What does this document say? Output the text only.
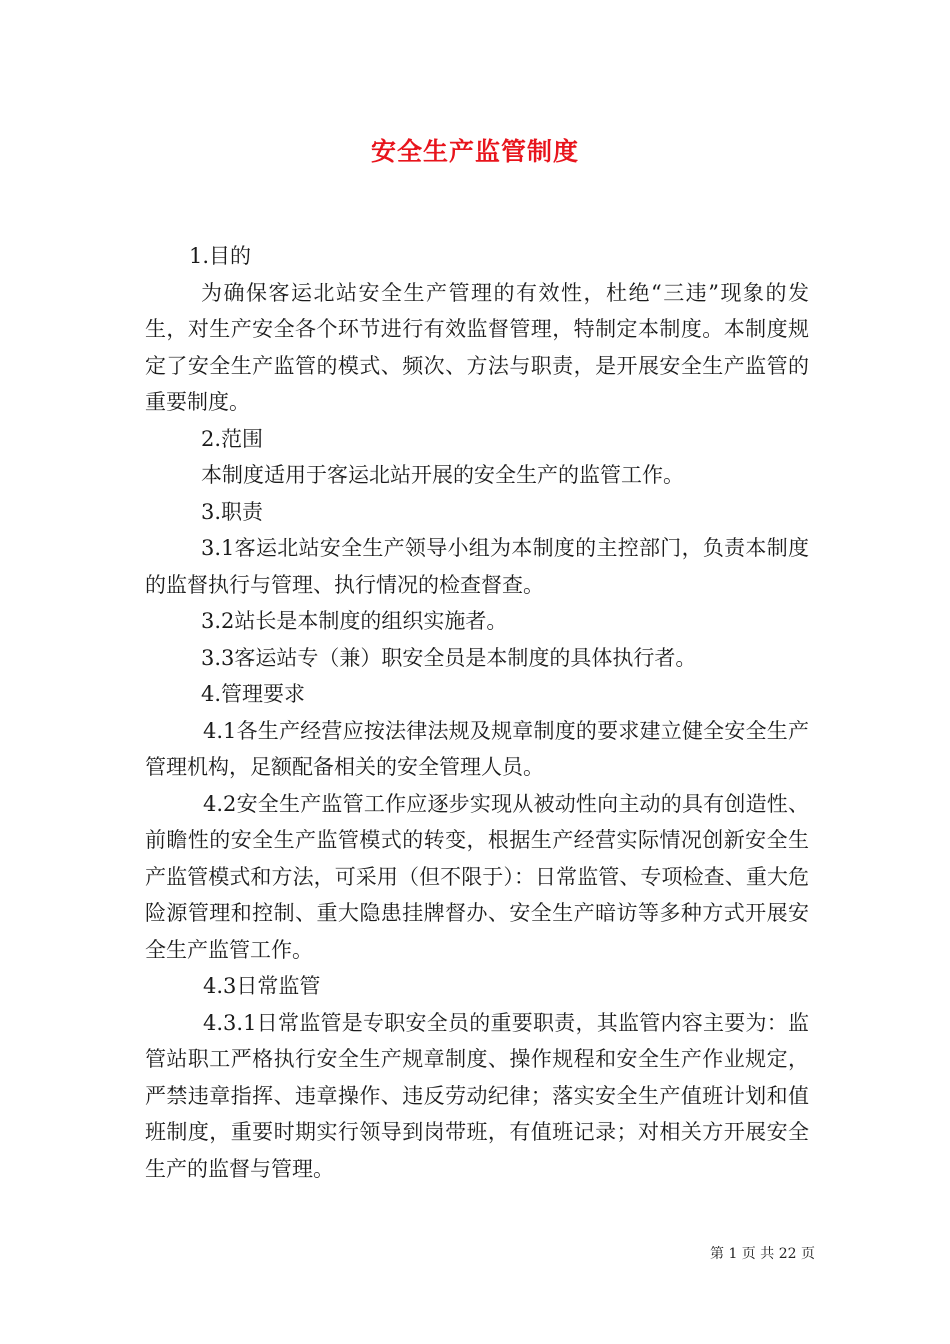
安全生产监管制度

1.目的

为确保客运北站安全生产管理的有效性，杜绝“三违”现象的发生，对生产安全各个环节进行有效监督管理，特制定本制度。本制度规定了安全生产监管的模式、频次、方法与职责，是开展安全生产监管的重要制度。

2.范围

本制度适用于客运北站开展的安全生产的监管工作。

3.职责

3.1客运北站安全生产领导小组为本制度的主控部门，负责本制度的监督执行与管理、执行情况的检查督查。

3.2站长是本制度的组织实施者。

3.3客运站专（兼）职安全员是本制度的具体执行者。

4.管理要求

4.1各生产经营应按法律法规及规章制度的要求建立健全安全生产管理机构，足额配备相关的安全管理人员。

4.2安全生产监管工作应逐步实现从被动性向主动的具有创造性、前瞻性的安全生产监管模式的转变，根据生产经营实际情况创新安全生产监管模式和方法，可采用（但不限于）：日常监管、专项检查、重大危险源管理和控制、重大隐患挂牌督办、安全生产暗访等多种方式开展安全生产监管工作。

4.3日常监管

4.3.1日常监管是专职安全员的重要职责，其监管内容主要为：监管站职工严格执行安全生产规章制度、操作规程和安全生产作业规定，严禁违章指挥、违章操作、违反劳动纪律；落实安全生产值班计划和值班制度，重要时期实行领导到岗带班，有值班记录；对相关方开展安全生产的监督与管理。

第 1 页 共 22 页
